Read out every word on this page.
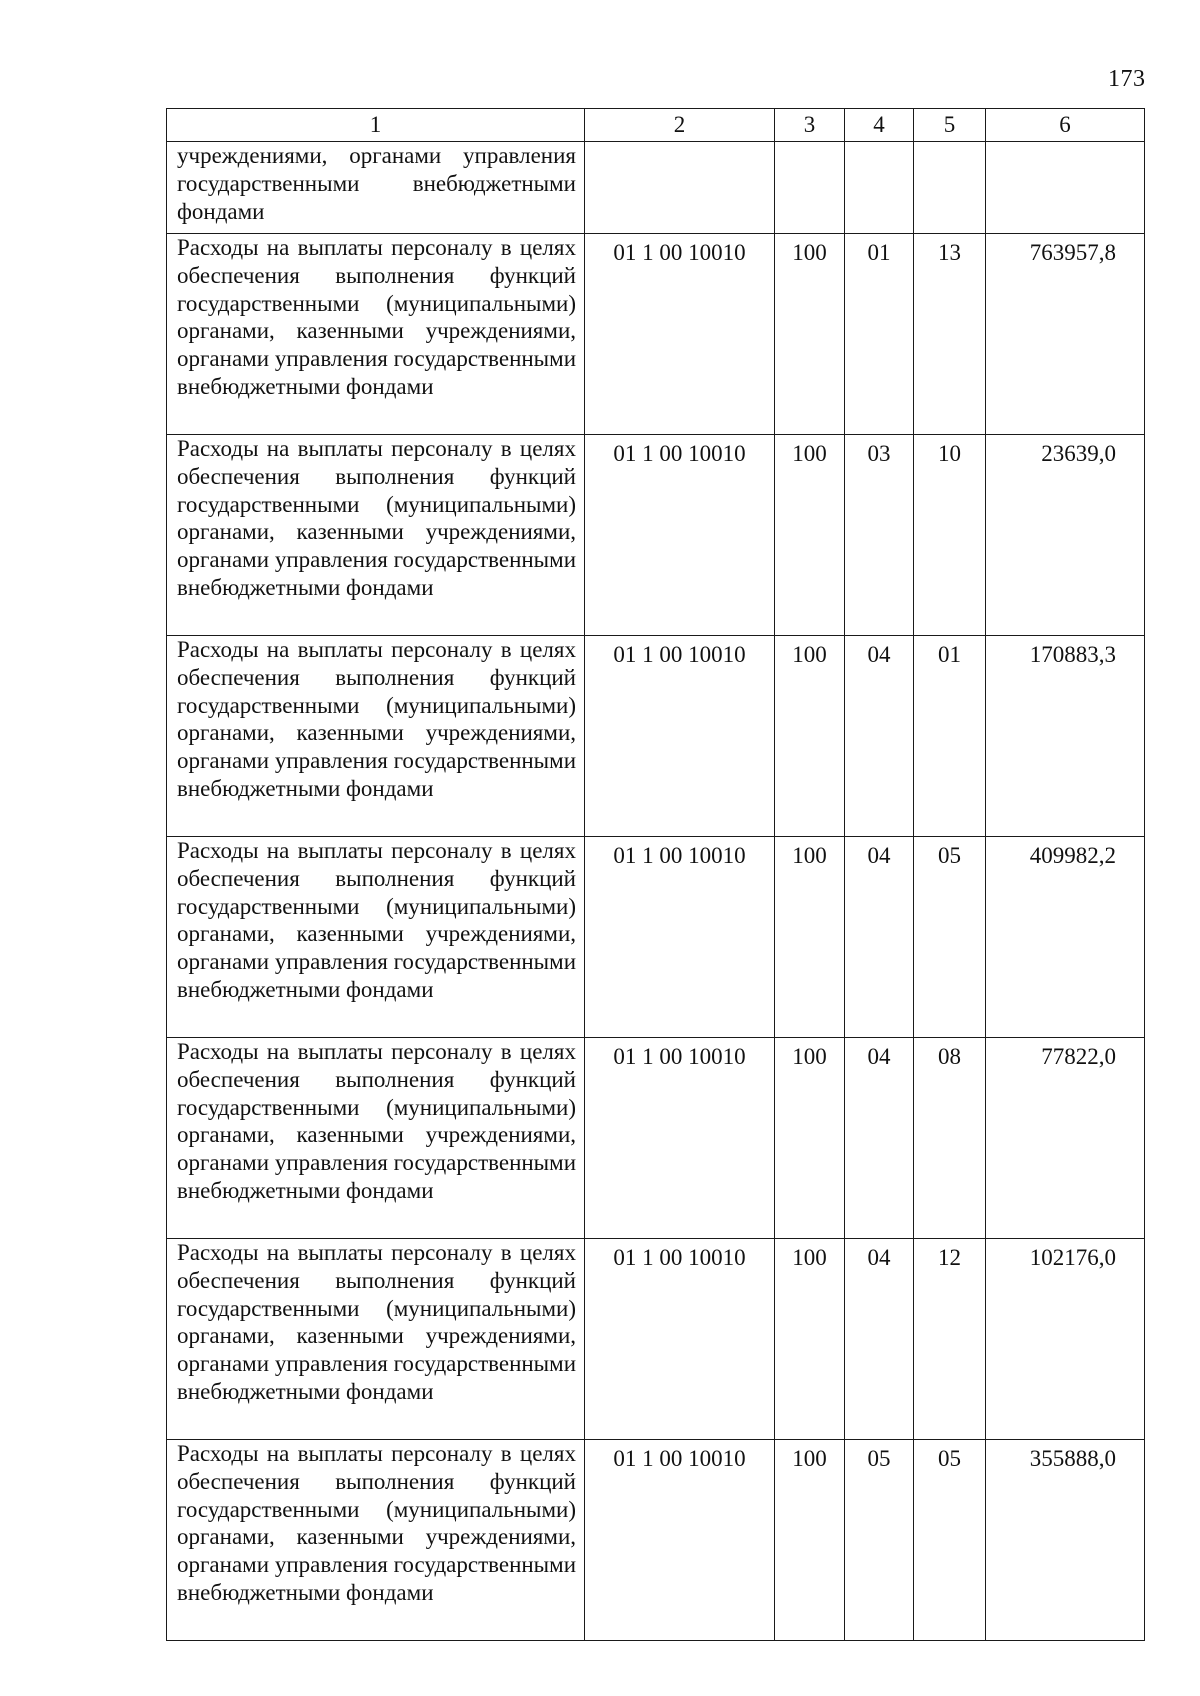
173
1	2	3	4	5	6
учреждениями, органами управления государственными внебюджетными фондами					
Расходы на выплаты персоналу в целях обеспечения выполнения функций государственными (муниципальными) органами, казенными учреждениями, органами управления государственными внебюджетными фондами	01 1 00 10010	100	01	13	763957,8
Расходы на выплаты персоналу в целях обеспечения выполнения функций государственными (муниципальными) органами, казенными учреждениями, органами управления государственными внебюджетными фондами	01 1 00 10010	100	03	10	23639,0
Расходы на выплаты персоналу в целях обеспечения выполнения функций государственными (муниципальными) органами, казенными учреждениями, органами управления государственными внебюджетными фондами	01 1 00 10010	100	04	01	170883,3
Расходы на выплаты персоналу в целях обеспечения выполнения функций государственными (муниципальными) органами, казенными учреждениями, органами управления государственными внебюджетными фондами	01 1 00 10010	100	04	05	409982,2
Расходы на выплаты персоналу в целях обеспечения выполнения функций государственными (муниципальными) органами, казенными учреждениями, органами управления государственными внебюджетными фондами	01 1 00 10010	100	04	08	77822,0
Расходы на выплаты персоналу в целях обеспечения выполнения функций государственными (муниципальными) органами, казенными учреждениями, органами управления государственными внебюджетными фондами	01 1 00 10010	100	04	12	102176,0
Расходы на выплаты персоналу в целях обеспечения выполнения функций государственными (муниципальными) органами, казенными учреждениями, органами управления государственными внебюджетными фондами	01 1 00 10010	100	05	05	355888,0
